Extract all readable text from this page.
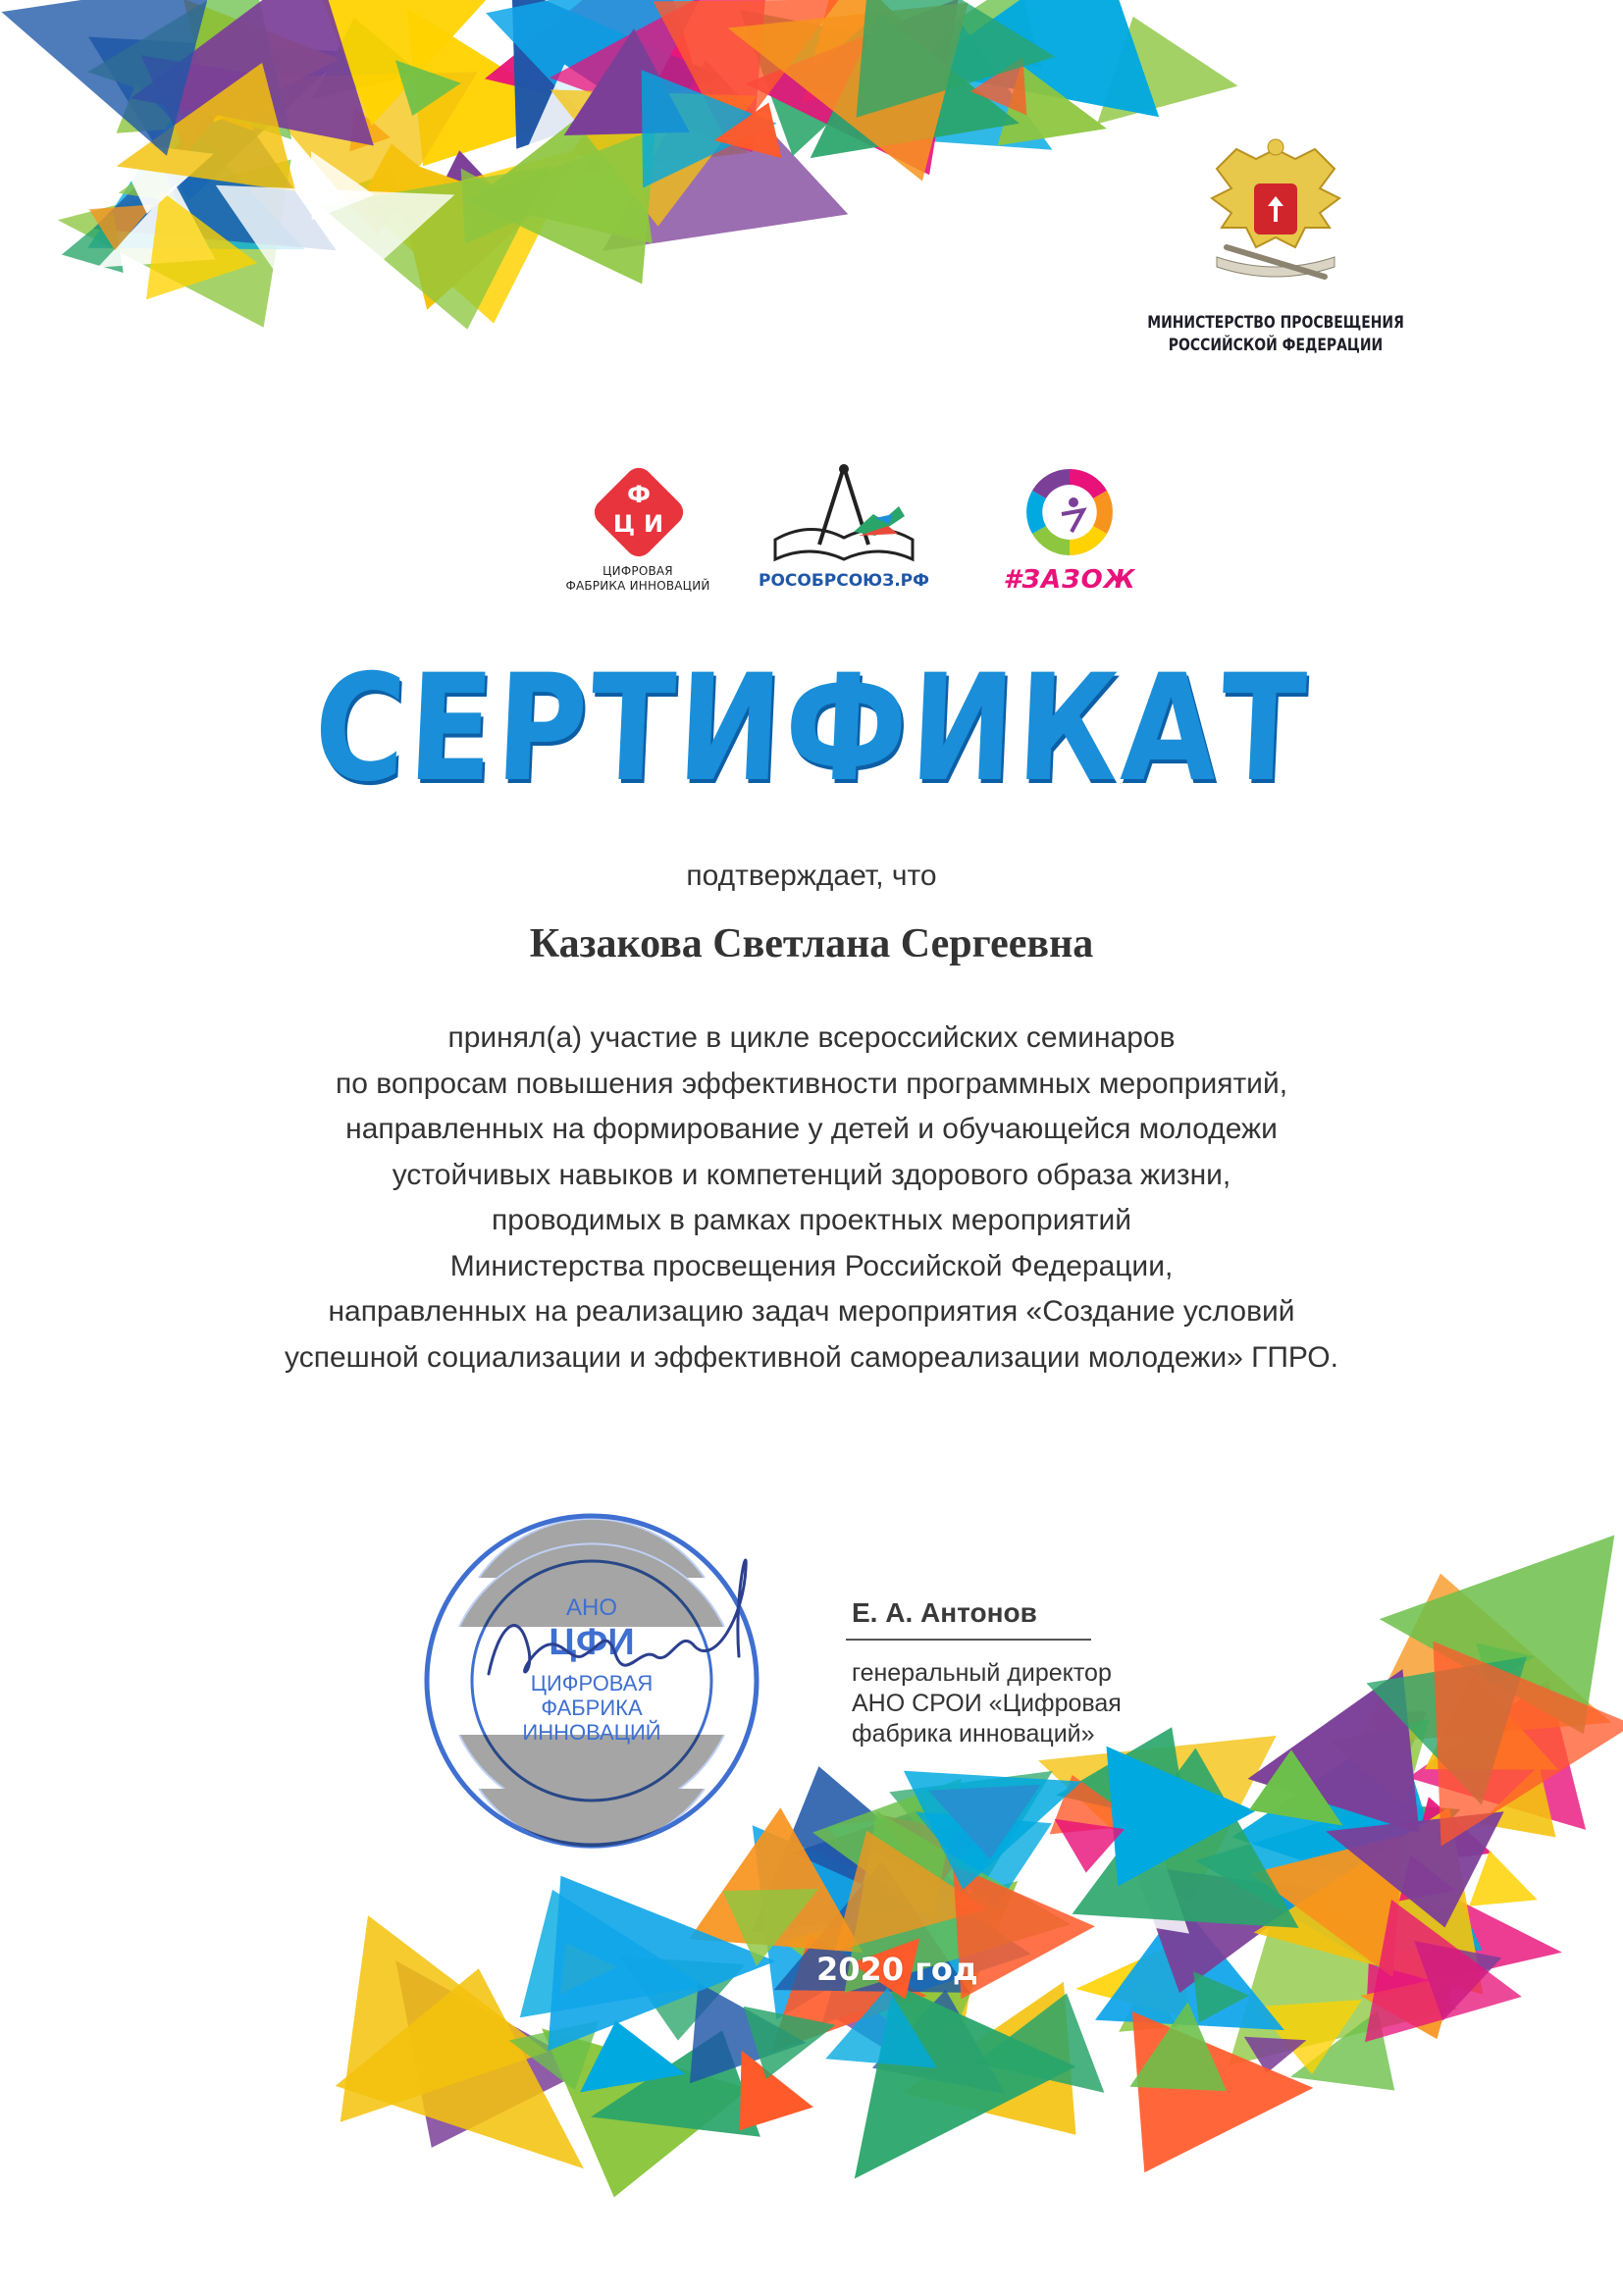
МИНИСТЕРСТВО ПРОСВЕЩЕНИЯ
РОССИЙСКОЙ ФЕДЕРАЦИИ
Ф
Ц И
ЦИФРОВАЯ
ФАБРИКА ИННОВАЦИЙ	РОСОБРСОЮЗ.РФ	#ЗАЗОЖ
СЕРТИФИКАТ
подтверждает, что
Казакова Светлана Сергеевна
принял(а) участие в цикле всероссийских семинаров
по вопросам повышения эффективности программных мероприятий,
направленных на формирование у детей и обучающейся молодежи
устойчивых навыков и компетенций здорового образа жизни,
проводимых в рамках проектных мероприятий
Министерства просвещения Российской Федерации,
направленных на реализацию задач мероприятия «Создание условий
успешной социализации и эффективной самореализации молодежи» ГПРО.
АНО
ЦФИ
ЦИФРОВАЯ
ФАБРИКА
ИННОВАЦИЙ
Е. А. Антонов
генеральный директор
АНО СРОИ «Цифровая
фабрика инноваций»
2020 год
